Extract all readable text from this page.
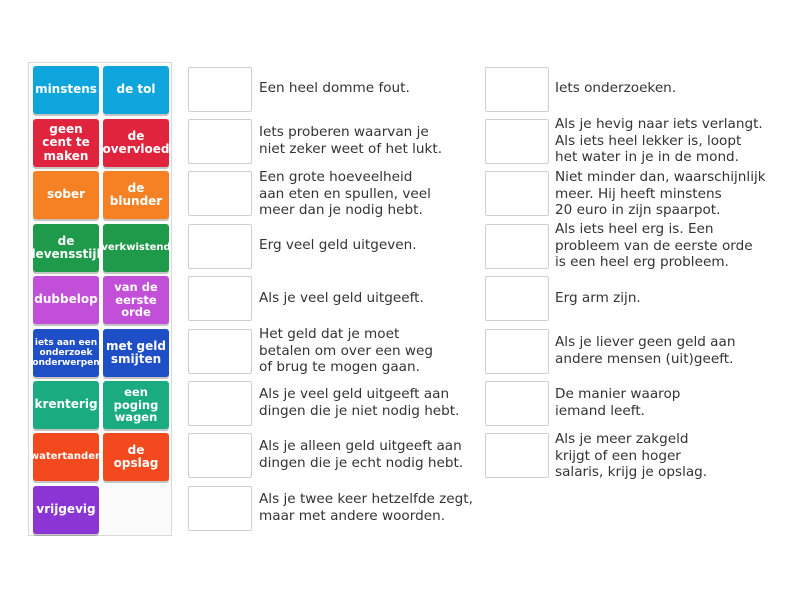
minstens de tol
geen cent te maken
de overvloed
sober	de blunder
de levensstijl verkwistend
dubbelop
van de eerste orde
iets aan een onderzoek onderwerpen
met geld smijten
krenterig
een poging wagen
watertanden
de opslag
vrijgevig
Een heel domme fout.
Iets proberen waarvan je
niet zeker weet of het lukt.
Een grote hoeveelheid
aan eten en spullen, veel
meer dan je nodig hebt.
Erg veel geld uitgeven.
Als je veel geld uitgeeft.
Het geld dat je moet
betalen om over een weg
of brug te mogen gaan.
Als je veel geld uitgeeft aan
dingen die je niet nodig hebt.
Als je alleen geld uitgeeft aan
dingen die je echt nodig hebt.
Als je twee keer hetzelfde zegt,
maar met andere woorden.
Iets onderzoeken.
Als je hevig naar iets verlangt.
Als iets heel lekker is, loopt
het water in je in de mond.
Niet minder dan, waarschijnlijk
meer. Hij heeft minstens
20 euro in zijn spaarpot.
Als iets heel erg is. Een
probleem van de eerste orde
is een heel erg probleem.
Erg arm zijn.
Als je liever geen geld aan
andere mensen (uit)geeft.
De manier waarop
iemand leeft.
Als je meer zakgeld
krijgt of een hoger
salaris, krijg je opslag.
